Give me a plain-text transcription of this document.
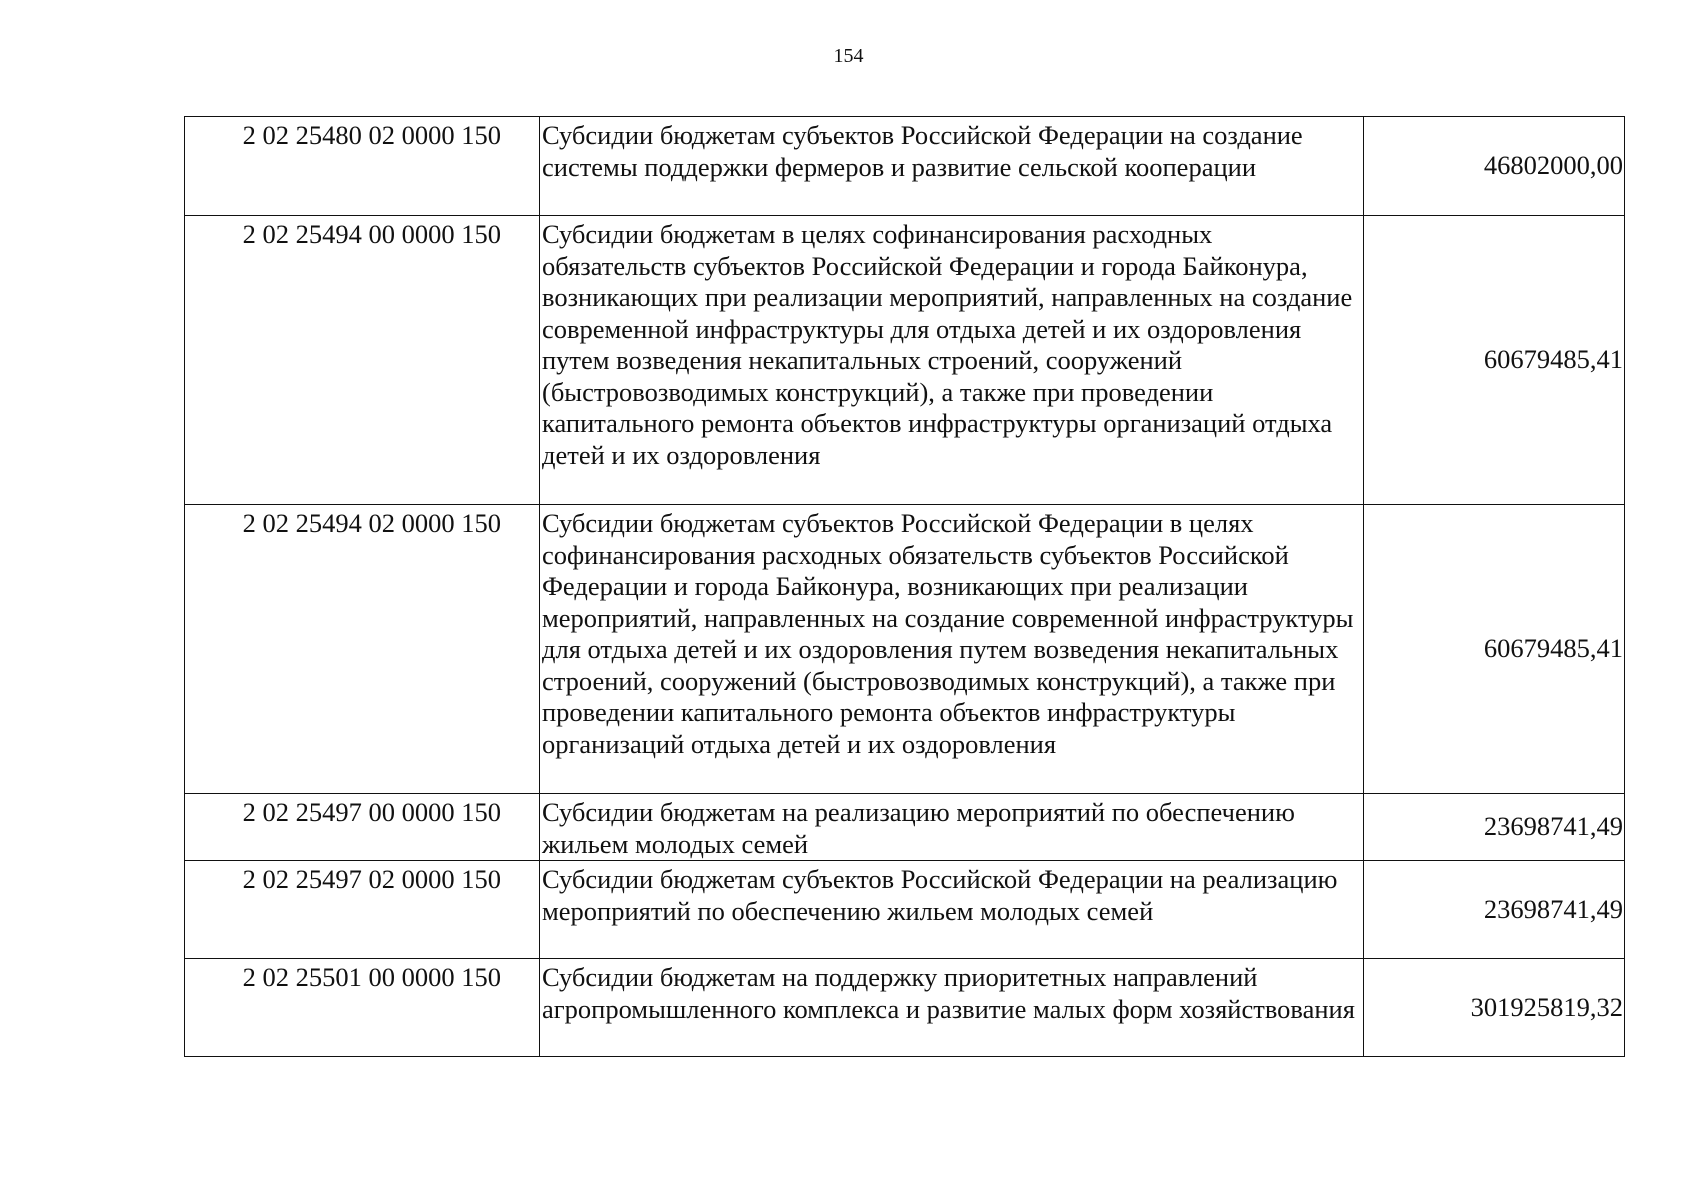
154
2 02 25480 02 0000 150	Субсидии бюджетам субъектов Российской Федерации на создание системы поддержки фермеров и развитие сельской кооперации	46802000,00
2 02 25494 00 0000 150	Субсидии бюджетам в целях софинансирования расходных обязательств субъектов Российской Федерации и города Байконура, возникающих при реализации мероприятий, направленных на создание современной инфраструктуры для отдыха детей и их оздоровления путем возведения некапитальных строений, сооружений (быстровозводимых конструкций), а также при проведении капитального ремонта объектов инфраструктуры организаций отдыха детей и их оздоровления	60679485,41
2 02 25494 02 0000 150	Субсидии бюджетам субъектов Российской Федерации в целях софинансирования расходных обязательств субъектов Российской Федерации и города Байконура, возникающих при реализации мероприятий, направленных на создание современной инфраструктуры для отдыха детей и их оздоровления путем возведения некапитальных строений, сооружений (быстровозводимых конструкций), а также при проведении капитального ремонта объектов инфраструктуры организаций отдыха детей и их оздоровления	60679485,41
2 02 25497 00 0000 150	Субсидии бюджетам на реализацию мероприятий по обеспечению жильем молодых семей	23698741,49
2 02 25497 02 0000 150	Субсидии бюджетам субъектов Российской Федерации на реализацию мероприятий по обеспечению жильем молодых семей	23698741,49
2 02 25501 00 0000 150	Субсидии бюджетам на поддержку приоритетных направлений агропромышленного комплекса и развитие малых форм хозяйствования	301925819,32
